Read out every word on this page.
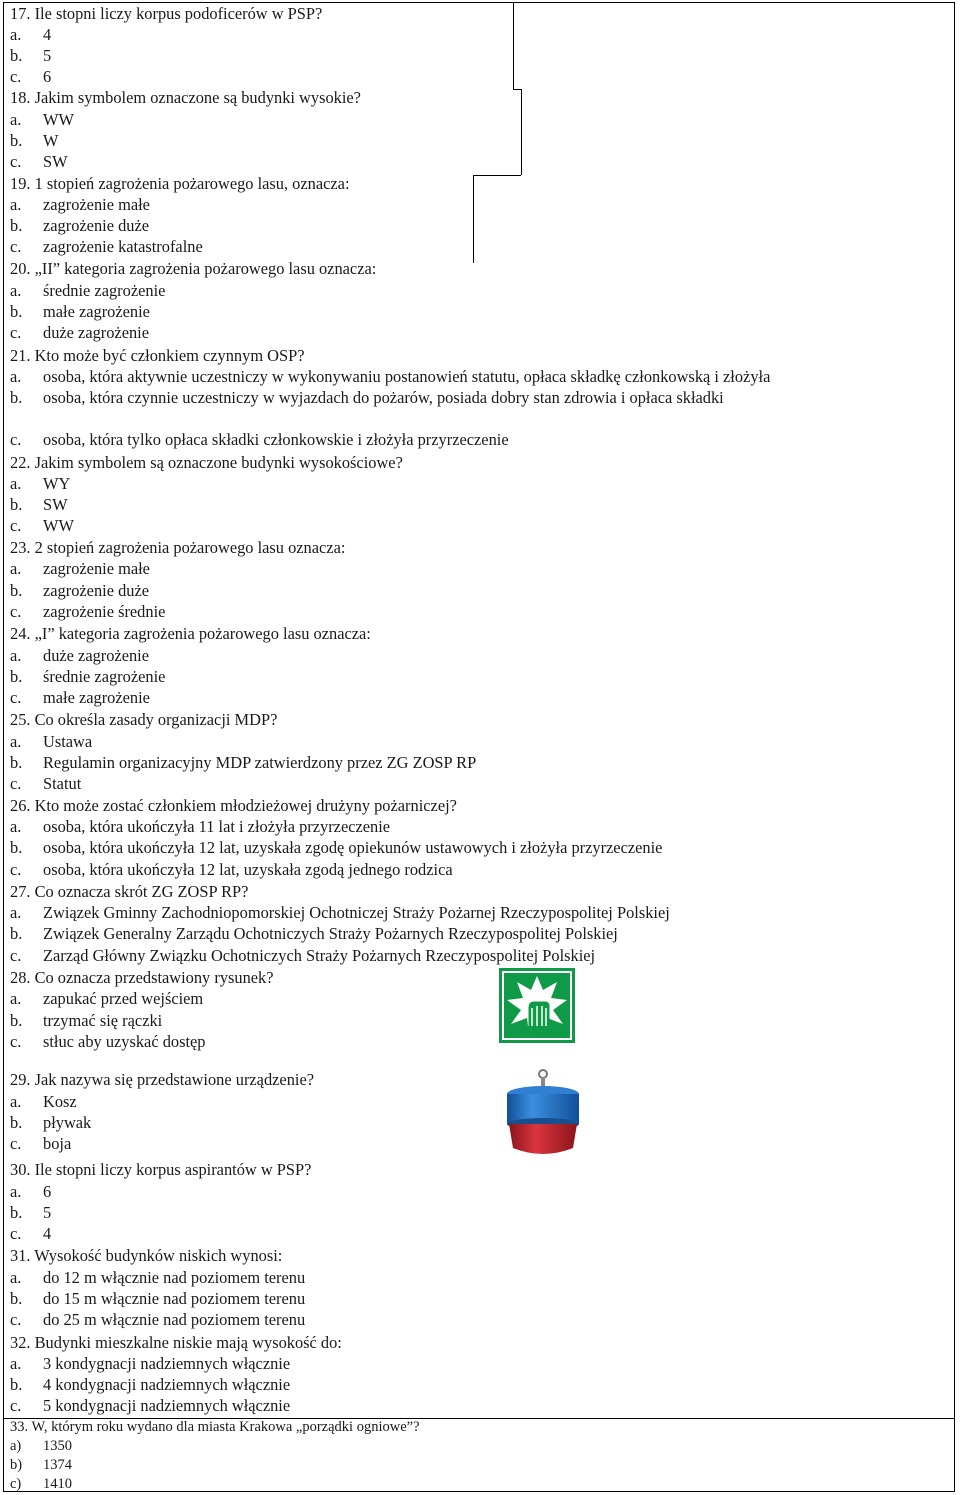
17. Ile stopni liczy korpus podoficerów w PSP?
a. 4
b. 5
c. 6
18. Jakim symbolem oznaczone są budynki wysokie?
a. WW
b. W
c. SW
19. 1 stopień zagrożenia pożarowego lasu, oznacza:
a. zagrożenie małe
b. zagrożenie duże
c. zagrożenie katastrofalne
20. „II” kategoria zagrożenia pożarowego lasu oznacza:
a. średnie zagrożenie
b. małe zagrożenie
c. duże zagrożenie
21. Kto może być członkiem czynnym OSP?
a. osoba, która aktywnie uczestniczy w wykonywaniu postanowień statutu, opłaca składkę członkowską i złożyła
b. osoba, która czynnie uczestniczy w wyjazdach do pożarów, posiada dobry stan zdrowia i opłaca składki
c. osoba, która tylko opłaca składki członkowskie i złożyła przyrzeczenie
22. Jakim symbolem są oznaczone budynki wysokościowe?
a. WY
b. SW
c. WW
23. 2 stopień zagrożenia pożarowego lasu oznacza:
a. zagrożenie małe
b. zagrożenie duże
c. zagrożenie średnie
24. „I” kategoria zagrożenia pożarowego lasu oznacza:
a. duże zagrożenie
b. średnie zagrożenie
c. małe zagrożenie
25. Co określa zasady organizacji MDP?
a. Ustawa
b. Regulamin organizacyjny MDP zatwierdzony przez ZG ZOSP RP
c. Statut
26. Kto może zostać członkiem młodzieżowej drużyny pożarniczej?
a. osoba, która ukończyła 11 lat i złożyła przyrzeczenie
b. osoba, która ukończyła 12 lat, uzyskała zgodę opiekunów ustawowych i złożyła przyrzeczenie
c. osoba, która ukończyła 12 lat, uzyskała zgodą jednego rodzica
27. Co oznacza skrót ZG ZOSP RP?
a. Związek Gminny Zachodniopomorskiej Ochotniczej Straży Pożarnej Rzeczypospolitej Polskiej
b. Związek Generalny Zarządu Ochotniczych Straży Pożarnych Rzeczypospolitej Polskiej
c. Zarząd Główny Związku Ochotniczych Straży Pożarnych Rzeczypospolitej Polskiej
28. Co oznacza przedstawiony rysunek?
a. zapukać przed wejściem
b. trzymać się rączki
c. stłuc aby uzyskać dostęp
29. Jak nazywa się przedstawione urządzenie?
a. Kosz
b. pływak
c. boja
30. Ile stopni liczy korpus aspirantów w PSP?
a. 6
b. 5
c. 4
31. Wysokość budynków niskich wynosi:
a. do 12 m włącznie nad poziomem terenu
b. do 15 m włącznie nad poziomem terenu
c. do 25 m włącznie nad poziomem terenu
32. Budynki mieszkalne niskie mają wysokość do:
a. 3 kondygnacji nadziemnych włącznie
b. 4 kondygnacji nadziemnych włącznie
c. 5 kondygnacji nadziemnych włącznie
33. W, którym roku wydano dla miasta Krakowa „porządki ogniowe”?
a) 1350
b) 1374
c) 1410
